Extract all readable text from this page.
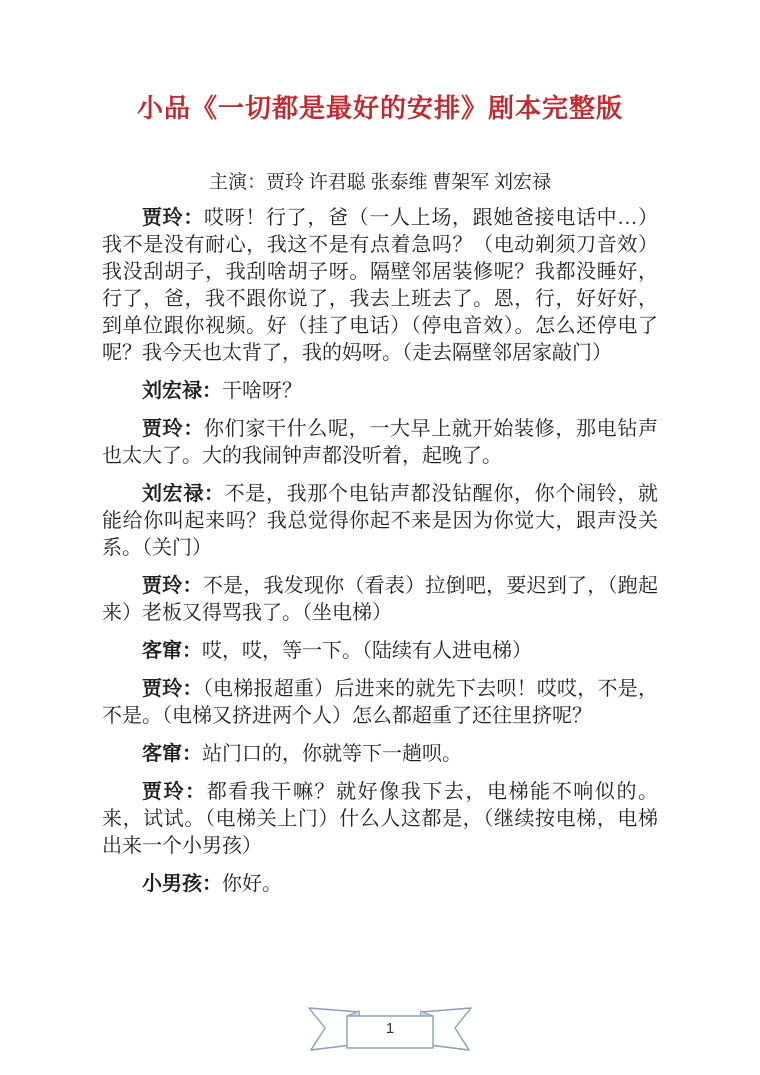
小品《一切都是最好的安排》剧本完整版
主演：贾玲 许君聪 张泰维 曹架军 刘宏禄

贾玲：哎呀！行了，爸（一人上场，跟她爸接电话中…）我不是没有耐心，我这不是有点着急吗？（电动剃须刀音效）我没刮胡子，我刮啥胡子呀。隔壁邻居装修呢？我都没睡好，行了，爸，我不跟你说了，我去上班去了。恩，行，好好好，到单位跟你视频。好（挂了电话）（停电音效）。怎么还停电了呢？我今天也太背了，我的妈呀。（走去隔壁邻居家敲门）

刘宏禄：干啥呀？

贾玲：你们家干什么呢，一大早上就开始装修，那电钻声也太大了。大的我闹钟声都没听着，起晚了。

刘宏禄：不是，我那个电钻声都没钻醒你，你个闹铃，就能给你叫起来吗？我总觉得你起不来是因为你觉大，跟声没关系。（关门）

贾玲：不是，我发现你（看表）拉倒吧，要迟到了，（跑起来）老板又得骂我了。（坐电梯）

客窜：哎，哎，等一下。（陆续有人进电梯）

贾玲：（电梯报超重）后进来的就先下去呗！哎哎，不是，不是。（电梯又挤进两个人）怎么都超重了还往里挤呢？

客窜：站门口的，你就等下一趟呗。

贾玲：都看我干嘛？就好像我下去，电梯能不响似的。来，试试。（电梯关上门）什么人这都是，（继续按电梯，电梯出来一个小男孩）

小男孩：你好。

1
